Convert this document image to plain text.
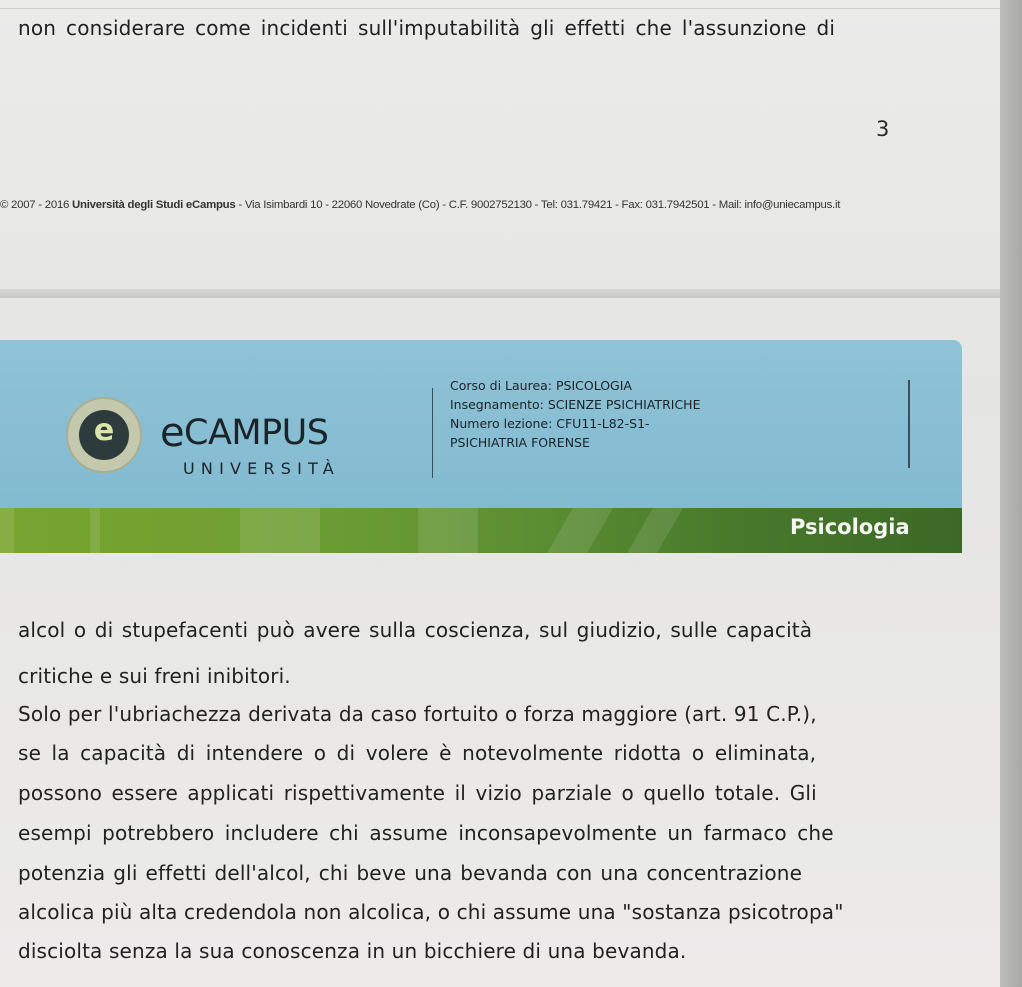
non considerare come incidenti sull'imputabilità gli effetti che l'assunzione di

3

© 2007 - 2016 Università degli Studi eCampus - Via Isimbardi 10 - 22060 Novedrate (Co) - C.F. 9002752130 - Tel: 031.79421 - Fax: 031.7942501 - Mail: info@uniecampus.it

e	e CAMPUS

UNIVERSITÀ

Corso di Laurea: PSICOLOGIA

Insegnamento: SCIENZE PSICHIATRICHE

Numero lezione: CFU11-L82-S1-

PSICHIATRIA FORENSE

Psicologia

alcol o di stupefacenti può avere sulla coscienza, sul giudizio, sulle capacità

critiche e sui freni inibitori.

Solo per l'ubriachezza derivata da caso fortuito o forza maggiore (art. 91 C.P.),

se la capacità di intendere o di volere è notevolmente ridotta o eliminata,

possono essere applicati rispettivamente il vizio parziale o quello totale. Gli

esempi potrebbero includere chi assume inconsapevolmente un farmaco che

potenzia gli effetti dell'alcol, chi beve una bevanda con una concentrazione

alcolica più alta credendola non alcolica, o chi assume una "sostanza psicotropa"

disciolta senza la sua conoscenza in un bicchiere di una bevanda.
